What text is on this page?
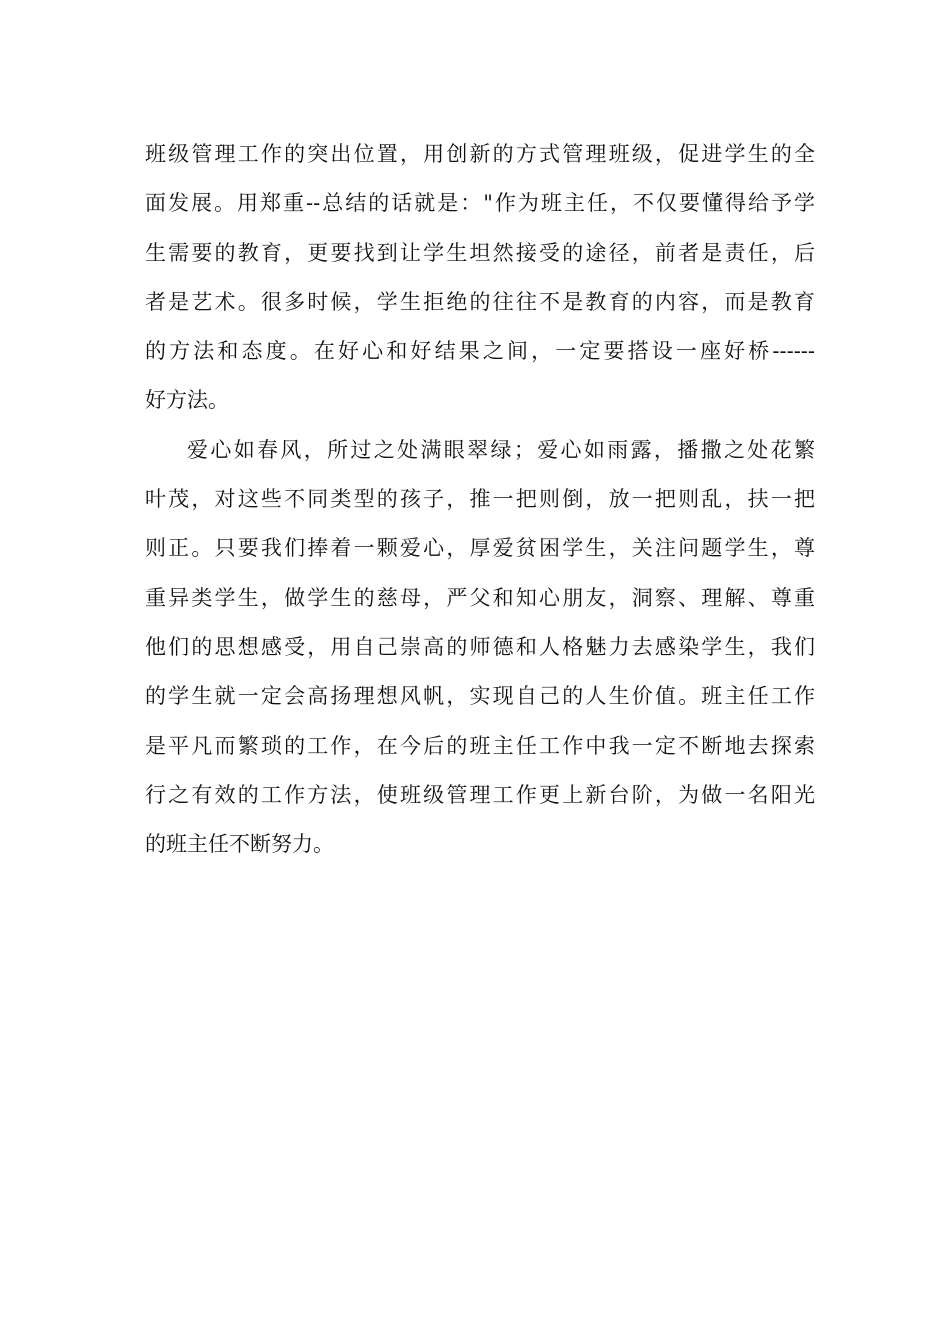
班级管理工作的突出位置，用创新的方式管理班级，促进学生的全
面发展。用郑重--总结的话就是："作为班主任，不仅要懂得给予学
生需要的教育，更要找到让学生坦然接受的途径，前者是责任，后
者是艺术。很多时候，学生拒绝的往往不是教育的内容，而是教育
的方法和态度。在好心和好结果之间，一定要搭设一座好桥------
好方法。
爱心如春风，所过之处满眼翠绿；爱心如雨露，播撒之处花繁
叶茂，对这些不同类型的孩子，推一把则倒，放一把则乱，扶一把
则正。只要我们捧着一颗爱心，厚爱贫困学生，关注问题学生，尊
重异类学生，做学生的慈母，严父和知心朋友，洞察、理解、尊重
他们的思想感受，用自己崇高的师德和人格魅力去感染学生，我们
的学生就一定会高扬理想风帆，实现自己的人生价值。班主任工作
是平凡而繁琐的工作，在今后的班主任工作中我一定不断地去探索
行之有效的工作方法，使班级管理工作更上新台阶，为做一名阳光
的班主任不断努力。
